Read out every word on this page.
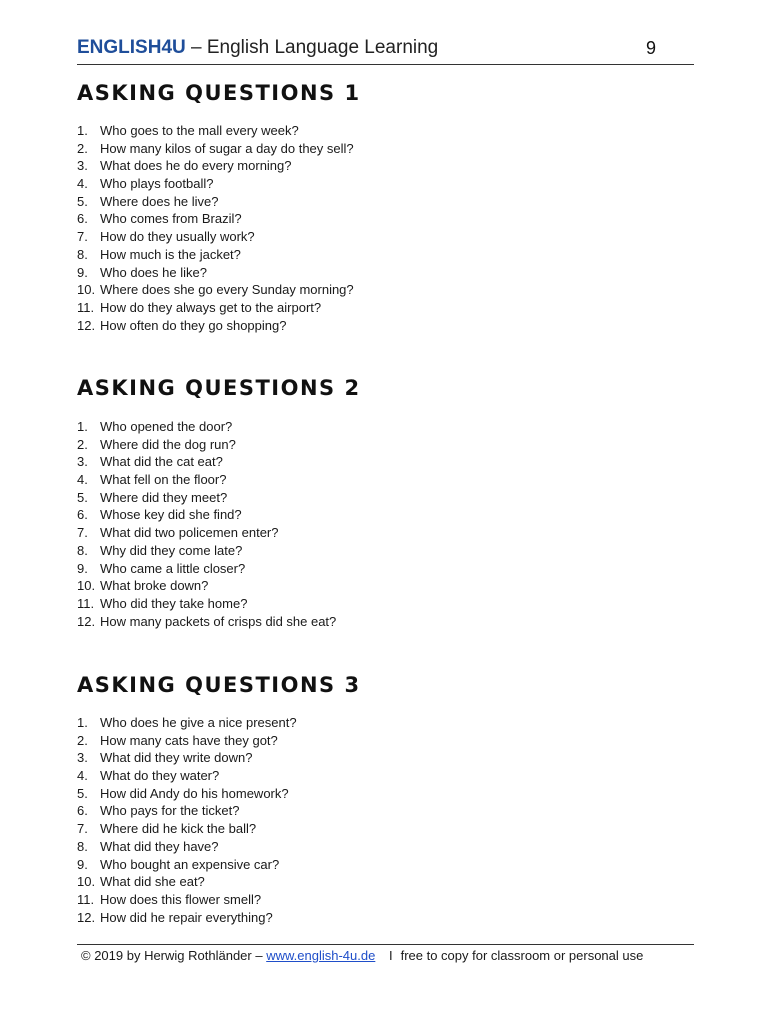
ENGLISH4U – English Language Learning	9
ASKING QUESTIONS 1
1. Who goes to the mall every week?
2. How many kilos of sugar a day do they sell?
3. What does he do every morning?
4. Who plays football?
5. Where does he live?
6. Who comes from Brazil?
7. How do they usually work?
8. How much is the jacket?
9. Who does he like?
10. Where does she go every Sunday morning?
11. How do they always get to the airport?
12. How often do they go shopping?
ASKING QUESTIONS 2
1. Who opened the door?
2. Where did the dog run?
3. What did the cat eat?
4. What fell on the floor?
5. Where did they meet?
6. Whose key did she find?
7. What did two policemen enter?
8. Why did they come late?
9. Who came a little closer?
10. What broke down?
11. Who did they take home?
12. How many packets of crisps did she eat?
ASKING QUESTIONS 3
1. Who does he give a nice present?
2. How many cats have they got?
3. What did they write down?
4. What do they water?
5. How did Andy do his homework?
6. Who pays for the ticket?
7. Where did he kick the ball?
8. What did they have?
9. Who bought an expensive car?
10. What did she eat?
11. How does this flower smell?
12. How did he repair everything?
© 2019 by Herwig Rothländer – www.english-4u.de I free to copy for classroom or personal use
